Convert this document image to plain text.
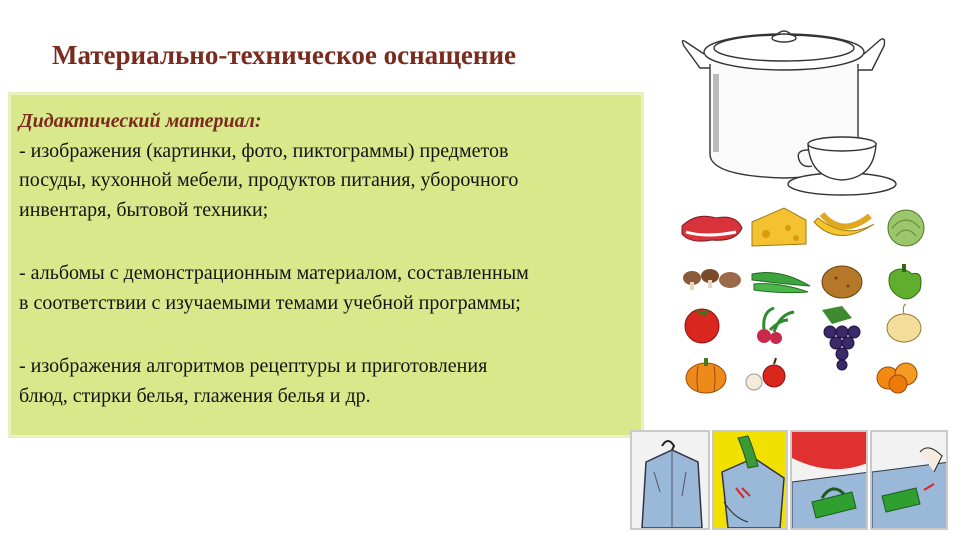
Материально-техническое оснащение
Дидактический материал:
- изображения (картинки, фото, пиктограммы) предметов
посуды, кухонной мебели, продуктов питания, уборочного
инвентаря, бытовой техники;
- альбомы с демонстрационным материалом, составленным
в соответствии с изучаемыми темами учебной программы;
- изображения алгоритмов рецептуры и приготовления
блюд, стирки белья, глажения белья и др.
